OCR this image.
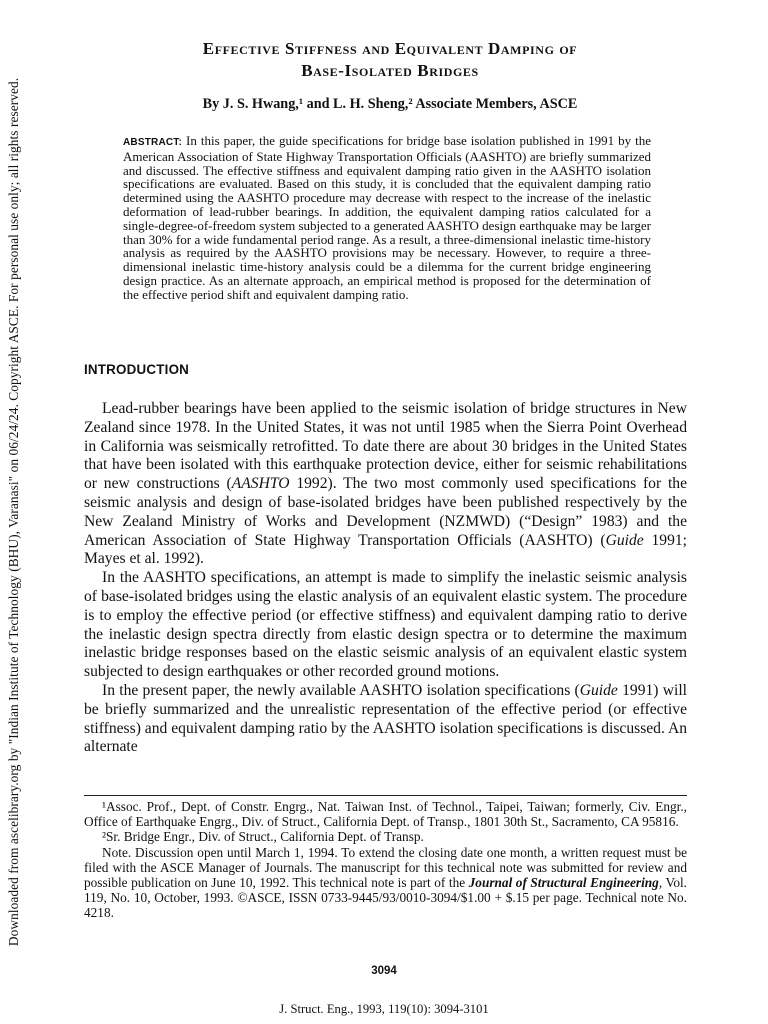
Downloaded from ascelibrary.org by "Indian Institute of Technology (BHU), Varanasi" on 06/24/24. Copyright ASCE. For personal use only; all rights reserved.
Effective Stiffness and Equivalent Damping of
Base-Isolated Bridges
By J. S. Hwang,¹ and L. H. Sheng,² Associate Members, ASCE
ABSTRACT: In this paper, the guide specifications for bridge base isolation published in 1991 by the American Association of State Highway Transportation Officials (AASHTO) are briefly summarized and discussed. The effective stiffness and equivalent damping ratio given in the AASHTO isolation specifications are evaluated. Based on this study, it is concluded that the equivalent damping ratio determined using the AASHTO procedure may decrease with respect to the increase of the inelastic deformation of lead-rubber bearings. In addition, the equivalent damping ratios calculated for a single-degree-of-freedom system subjected to a generated AASHTO design earthquake may be larger than 30% for a wide fundamental period range. As a result, a three-dimensional inelastic time-history analysis as required by the AASHTO provisions may be necessary. However, to require a three-dimensional inelastic time-history analysis could be a dilemma for the current bridge engineering design practice. As an alternate approach, an empirical method is proposed for the determination of the effective period shift and equivalent damping ratio.
INTRODUCTION

Lead-rubber bearings have been applied to the seismic isolation of bridge structures in New Zealand since 1978. In the United States, it was not until 1985 when the Sierra Point Overhead in California was seismically retrofitted. To date there are about 30 bridges in the United States that have been isolated with this earthquake protection device, either for seismic rehabilitations or new constructions (AASHTO 1992). The two most commonly used specifications for the seismic analysis and design of base-isolated bridges have been published respectively by the New Zealand Ministry of Works and Development (NZMWD) (“Design” 1983) and the American Association of State Highway Transportation Officials (AASHTO) (Guide 1991; Mayes et al. 1992).

In the AASHTO specifications, an attempt is made to simplify the inelastic seismic analysis of base-isolated bridges using the elastic analysis of an equivalent elastic system. The procedure is to employ the effective period (or effective stiffness) and equivalent damping ratio to derive the inelastic design spectra directly from elastic design spectra or to determine the maximum inelastic bridge responses based on the elastic seismic analysis of an equivalent elastic system subjected to design earthquakes or other recorded ground motions.

In the present paper, the newly available AASHTO isolation specifications (Guide 1991) will be briefly summarized and the unrealistic representation of the effective period (or effective stiffness) and equivalent damping ratio by the AASHTO isolation specifications is discussed. An alternate

¹Assoc. Prof., Dept. of Constr. Engrg., Nat. Taiwan Inst. of Technol., Taipei, Taiwan; formerly, Civ. Engr., Office of Earthquake Engrg., Div. of Struct., California Dept. of Transp., 1801 30th St., Sacramento, CA 95816.

²Sr. Bridge Engr., Div. of Struct., California Dept. of Transp.

Note. Discussion open until March 1, 1994. To extend the closing date one month, a written request must be filed with the ASCE Manager of Journals. The manuscript for this technical note was submitted for review and possible publication on June 10, 1992. This technical note is part of the Journal of Structural Engineering, Vol. 119, No. 10, October, 1993. ©ASCE, ISSN 0733-9445/93/0010-3094/$1.00 + $.15 per page. Technical note No. 4218.

3094
J. Struct. Eng., 1993, 119(10): 3094-3101
